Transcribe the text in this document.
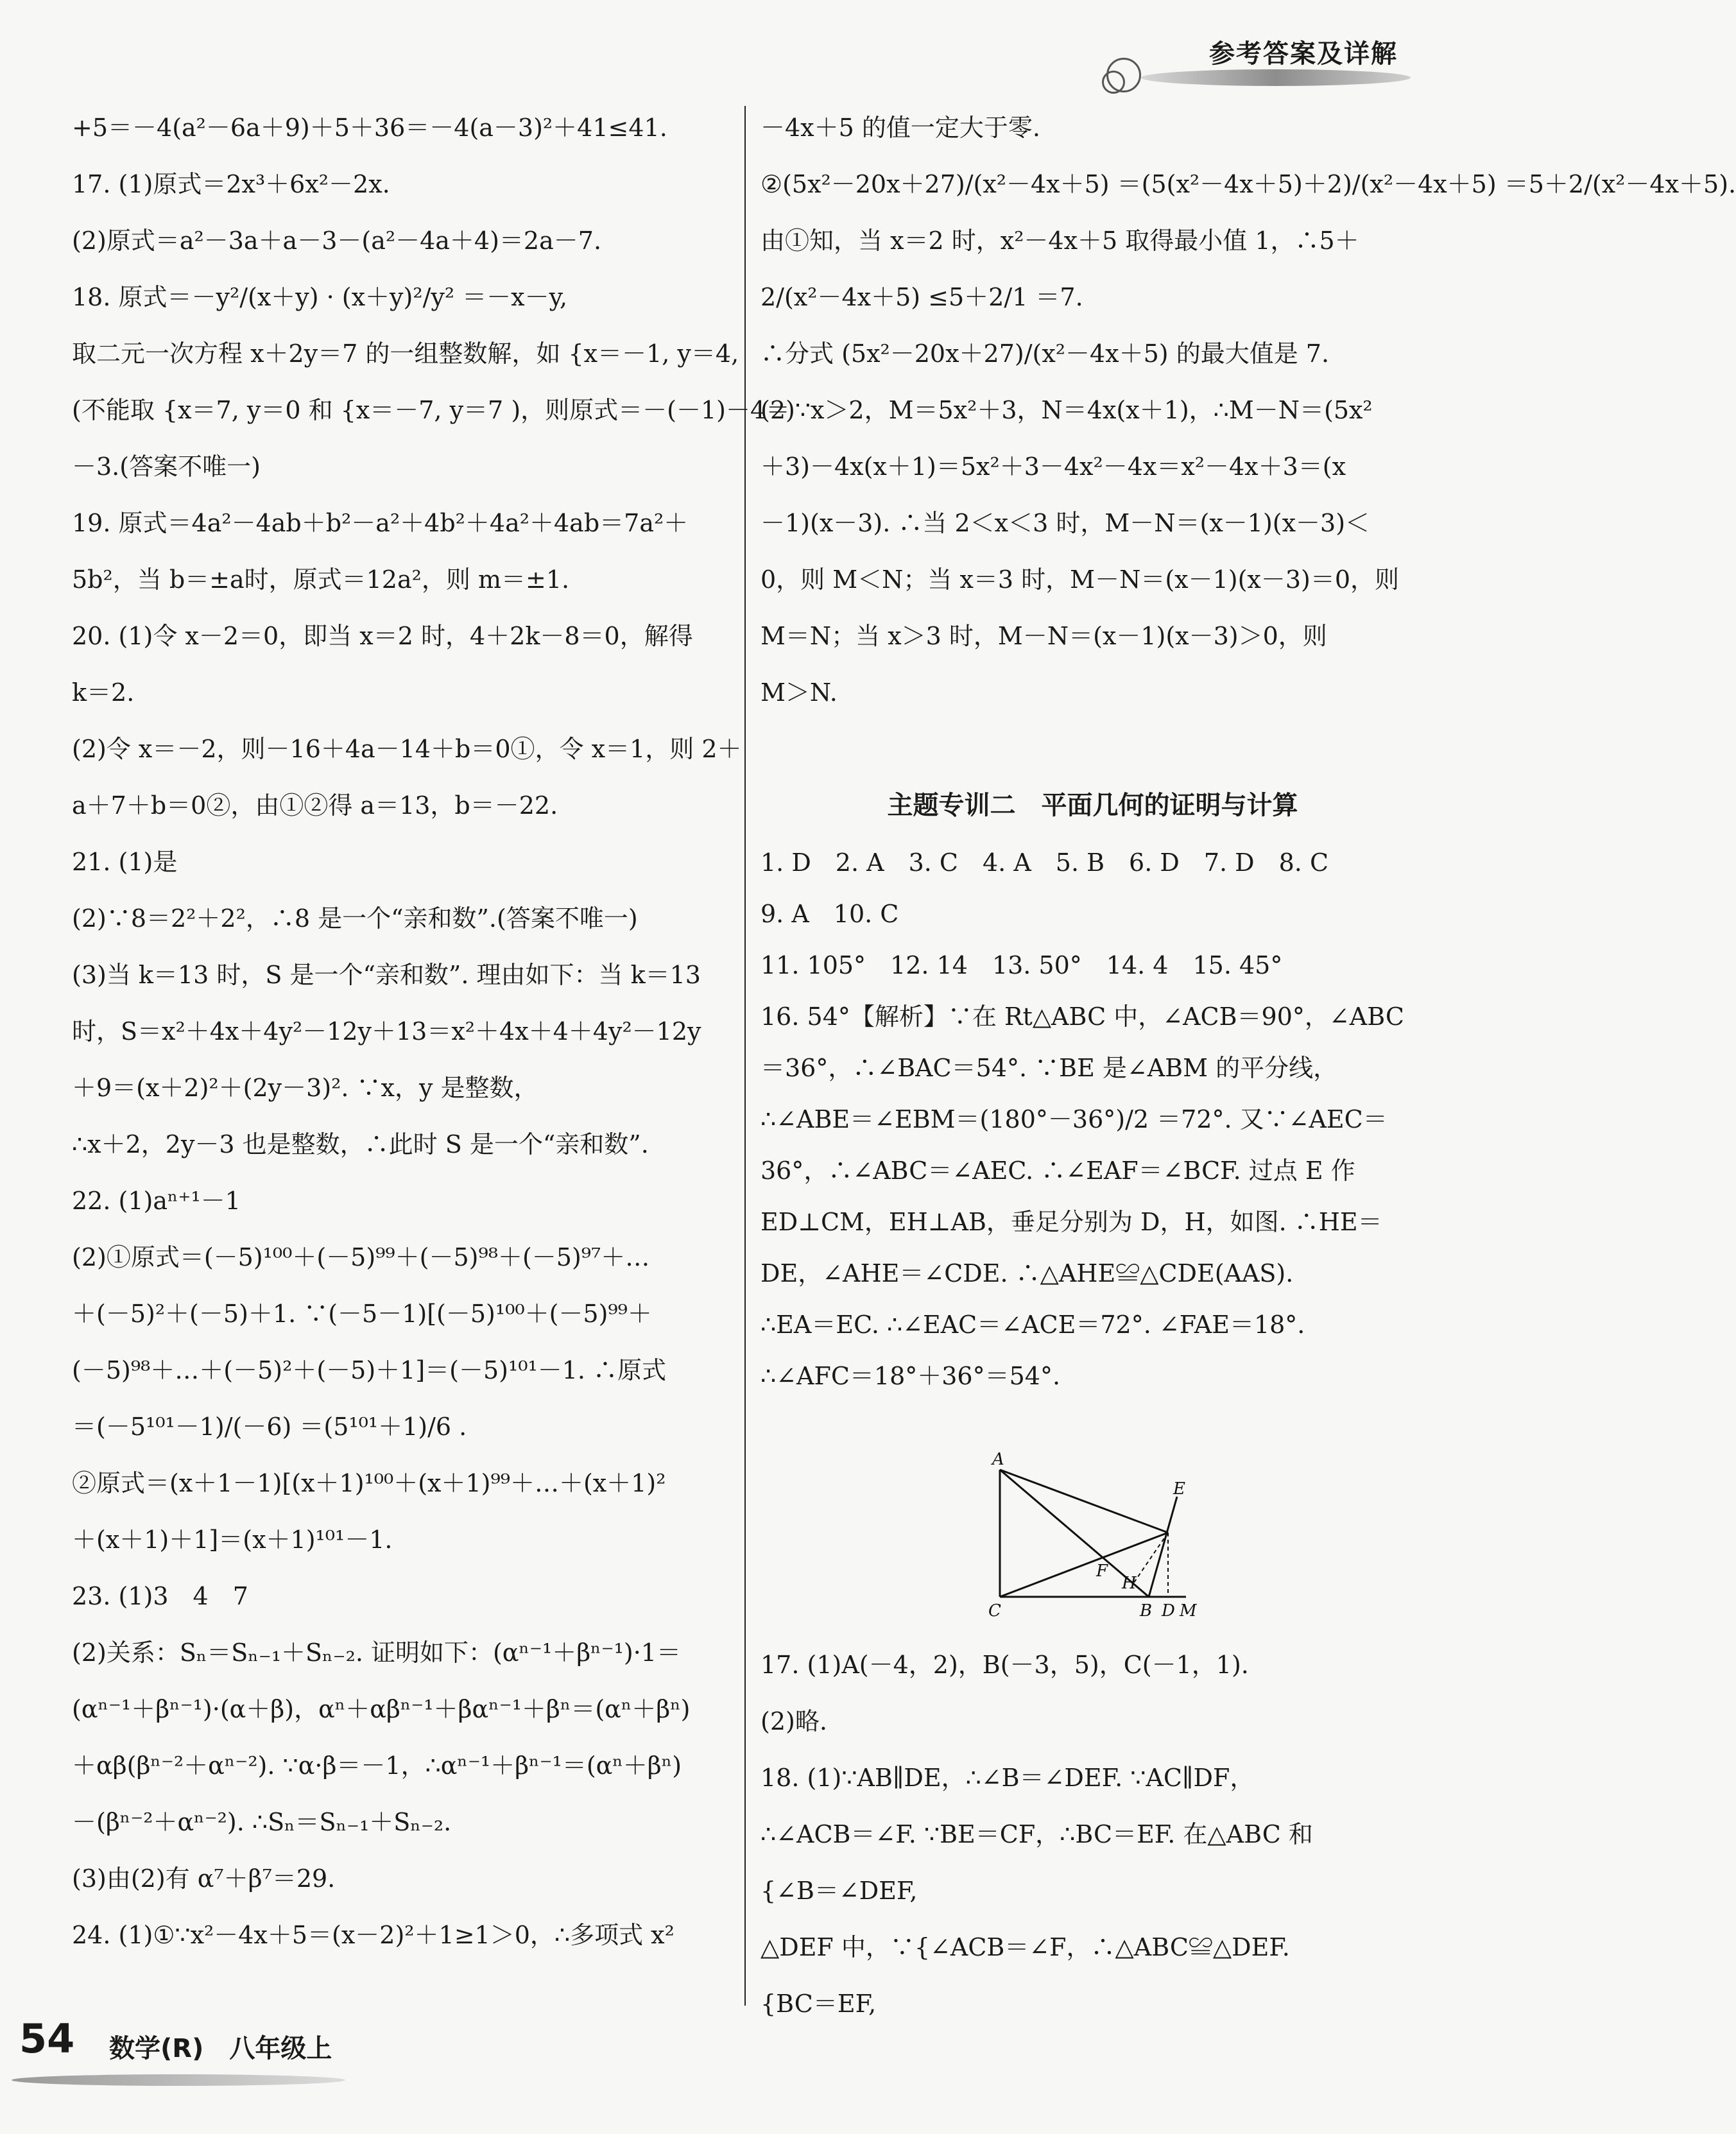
参考答案及详解
+5＝－4(a²－6a＋9)＋5＋36＝－4(a－3)²＋41≤41.
17. (1)原式＝2x³＋6x²－2x.
(2)原式＝a²－3a＋a－3－(a²－4a＋4)＝2a－7.
18. 原式＝－y²/(x＋y) · (x＋y)²/y² ＝－x－y,
取二元一次方程 x＋2y＝7 的一组整数解，如 {x＝－1, y＝4,
(不能取 {x＝7, y＝0 和 {x＝－7, y＝7 )，则原式＝－(－1)－4＝
－3.(答案不唯一)
19. 原式＝4a²－4ab＋b²－a²＋4b²＋4a²＋4ab＝7a²＋
5b²，当 b＝±a时，原式＝12a²，则 m＝±1.
20. (1)令 x－2＝0，即当 x＝2 时，4＋2k－8＝0，解得
k＝2.
(2)令 x＝－2，则－16＋4a－14＋b＝0①，令 x＝1，则 2＋
a＋7＋b＝0②，由①②得 a＝13，b＝－22.
21. (1)是
(2)∵8＝2²＋2²，∴8 是一个“亲和数”.(答案不唯一)
(3)当 k＝13 时，S 是一个“亲和数”. 理由如下：当 k＝13
时，S＝x²＋4x＋4y²－12y＋13＝x²＋4x＋4＋4y²－12y
＋9＝(x＋2)²＋(2y－3)². ∵x，y 是整数，
∴x＋2，2y－3 也是整数，∴此时 S 是一个“亲和数”.
22. (1)aⁿ⁺¹－1
(2)①原式＝(－5)¹⁰⁰＋(－5)⁹⁹＋(－5)⁹⁸＋(－5)⁹⁷＋…
＋(－5)²＋(－5)＋1. ∵(－5－1)[(－5)¹⁰⁰＋(－5)⁹⁹＋
(－5)⁹⁸＋…＋(－5)²＋(－5)＋1]＝(－5)¹⁰¹－1. ∴原式
＝(－5¹⁰¹－1)/(－6) ＝(5¹⁰¹＋1)/6 .
②原式＝(x＋1－1)[(x＋1)¹⁰⁰＋(x＋1)⁹⁹＋…＋(x＋1)²
＋(x＋1)＋1]＝(x＋1)¹⁰¹－1.
23. (1)3　4　7
(2)关系：Sₙ＝Sₙ₋₁＋Sₙ₋₂. 证明如下：(αⁿ⁻¹＋βⁿ⁻¹)·1＝
(αⁿ⁻¹＋βⁿ⁻¹)·(α＋β)，αⁿ＋αβⁿ⁻¹＋βαⁿ⁻¹＋βⁿ＝(αⁿ＋βⁿ)
＋αβ(βⁿ⁻²＋αⁿ⁻²). ∵α·β＝－1，∴αⁿ⁻¹＋βⁿ⁻¹＝(αⁿ＋βⁿ)
－(βⁿ⁻²＋αⁿ⁻²). ∴Sₙ＝Sₙ₋₁＋Sₙ₋₂.
(3)由(2)有 α⁷＋β⁷＝29.
24. (1)①∵x²－4x＋5＝(x－2)²＋1≥1＞0，∴多项式 x²
主题专训二　平面几何的证明与计算
－4x＋5 的值一定大于零.
②(5x²－20x＋27)/(x²－4x＋5) ＝(5(x²－4x＋5)＋2)/(x²－4x＋5) ＝5＋2/(x²－4x＋5).
由①知，当 x＝2 时，x²－4x＋5 取得最小值 1，∴5＋
2/(x²－4x＋5) ≤5＋2/1 ＝7.
∴分式 (5x²－20x＋27)/(x²－4x＋5) 的最大值是 7.
(2)∵x＞2，M＝5x²＋3，N＝4x(x＋1)，∴M－N＝(5x²
＋3)－4x(x＋1)＝5x²＋3－4x²－4x＝x²－4x＋3＝(x
－1)(x－3). ∴当 2＜x＜3 时，M－N＝(x－1)(x－3)＜
0，则 M＜N；当 x＝3 时，M－N＝(x－1)(x－3)＝0，则
M＝N；当 x＞3 时，M－N＝(x－1)(x－3)＞0，则
M＞N.
1. D　2. A　3. C　4. A　5. B　6. D　7. D　8. C
9. A　10. C
11. 105°　12. 14　13. 50°　14. 4　15. 45°
16. 54°【解析】∵在 Rt△ABC 中，∠ACB＝90°，∠ABC
＝36°，∴∠BAC＝54°. ∵BE 是∠ABM 的平分线，
∴∠ABE＝∠EBM＝(180°－36°)/2 ＝72°. 又∵∠AEC＝
36°，∴∠ABC＝∠AEC. ∴∠EAF＝∠BCF. 过点 E 作
ED⊥CM，EH⊥AB，垂足分别为 D，H，如图. ∴HE＝
DE，∠AHE＝∠CDE. ∴△AHE≌△CDE(AAS).
∴EA＝EC. ∴∠EAC＝∠ACE＝72°. ∠FAE＝18°.
∴∠AFC＝18°＋36°＝54°.
17. (1)A(－4，2)，B(－3，5)，C(－1，1).
(2)略.
18. (1)∵AB∥DE，∴∠B＝∠DEF. ∵AC∥DF，
∴∠ACB＝∠F. ∵BE＝CF，∴BC＝EF. 在△ABC 和
{∠B＝∠DEF,
△DEF 中，∵{∠ACB＝∠F，∴△ABC≌△DEF.
{BC＝EF,
A
E
F
H
C	B D M
54	数学(R)　八年级上
